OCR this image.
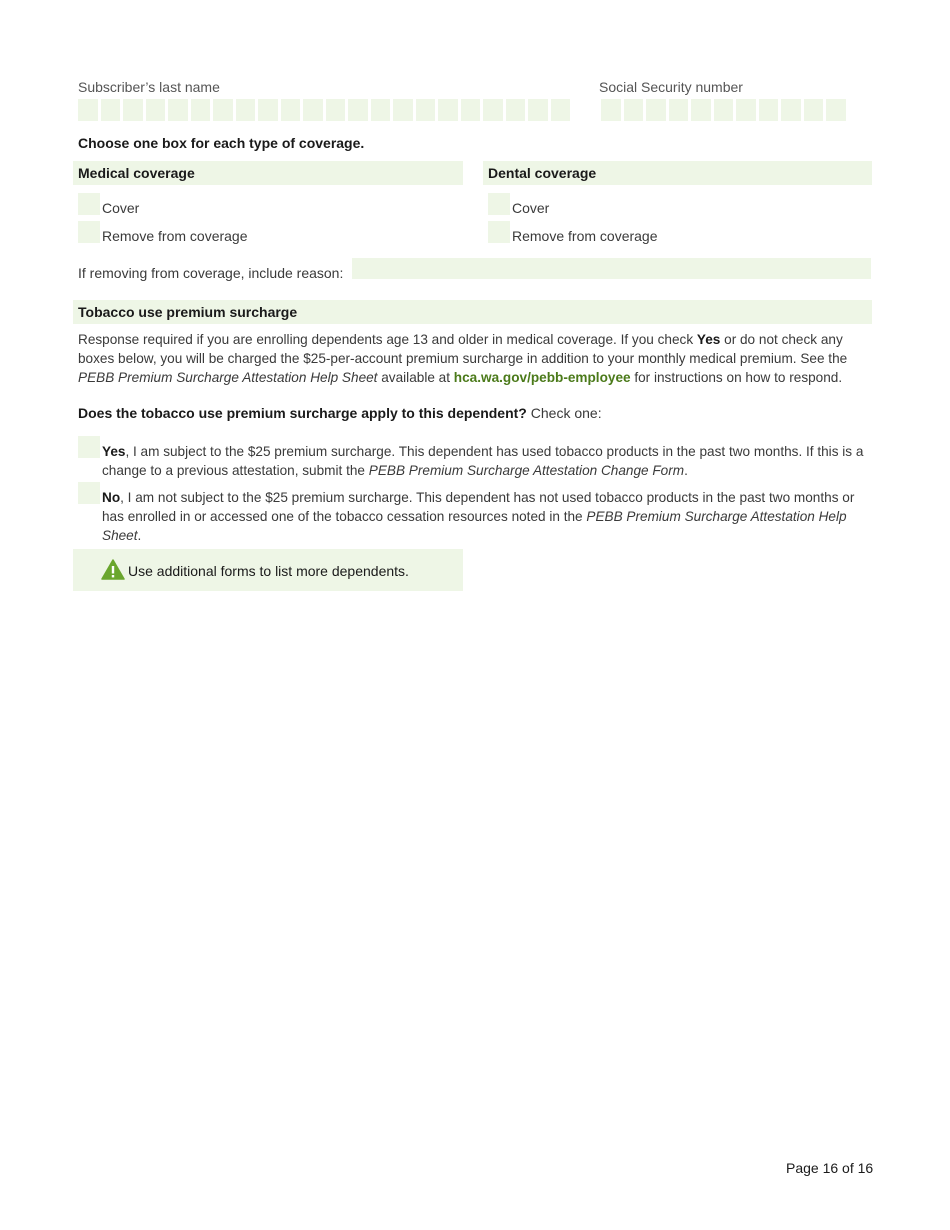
Subscriber’s last name	Social Security number
Choose one box for each type of coverage.
Medical coverage
Cover
Remove from coverage
Dental coverage
Cover
Remove from coverage
If removing from coverage, include reason:
Tobacco use premium surcharge
Response required if you are enrolling dependents age 13 and older in medical coverage. If you check Yes or do not check any boxes below, you will be charged the $25-per-account premium surcharge in addition to your monthly medical premium. See the PEBB Premium Surcharge Attestation Help Sheet available at hca.wa.gov/pebb-employee for instructions on how to respond.
Does the tobacco use premium surcharge apply to this dependent? Check one:
Yes, I am subject to the $25 premium surcharge. This dependent has used tobacco products in the past two months. If this is a change to a previous attestation, submit the PEBB Premium Surcharge Attestation Change Form.
No, I am not subject to the $25 premium surcharge. This dependent has not used tobacco products in the past two months or has enrolled in or accessed one of the tobacco cessation resources noted in the PEBB Premium Surcharge Attestation Help Sheet.
Use additional forms to list more dependents.
Page 16 of 16
